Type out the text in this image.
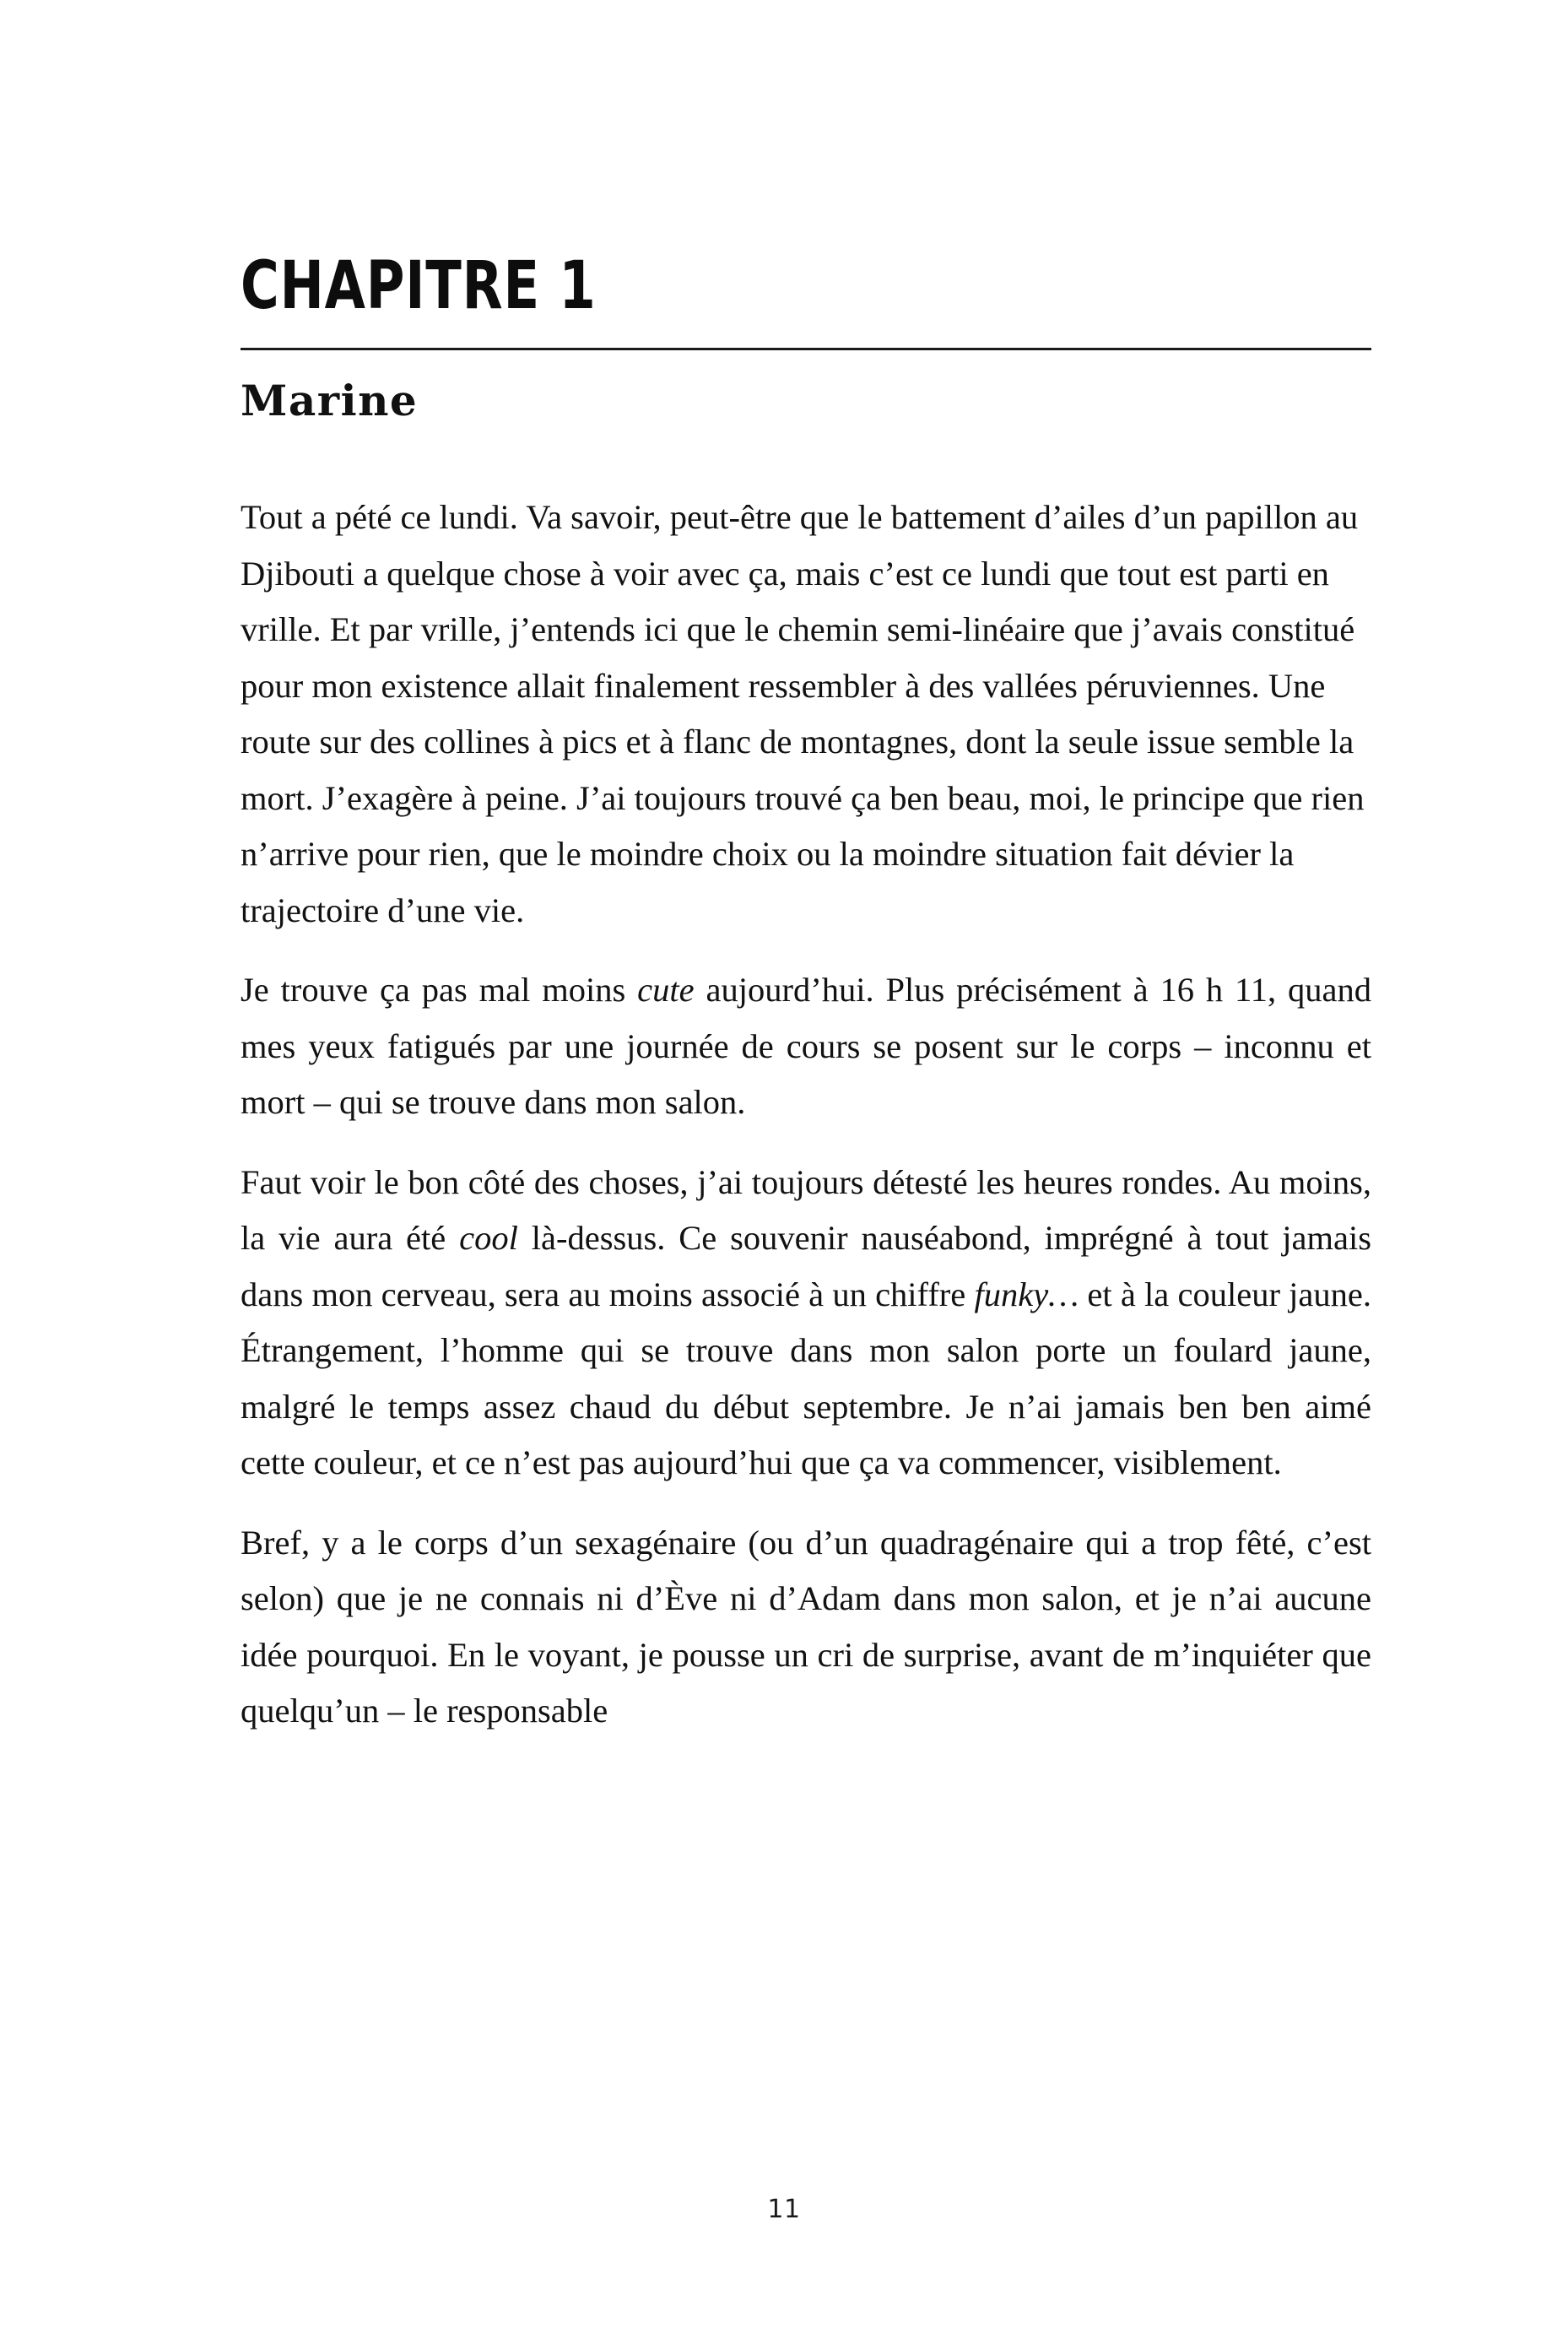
CHAPITRE 1
Marine

Tout a pété ce lundi. Va savoir, peut-être que le battement d’ailes d’un papillon au Djibouti a quelque chose à voir avec ça, mais c’est ce lundi que tout est parti en vrille. Et par vrille, j’entends ici que le chemin semi-linéaire que j’avais constitué pour mon existence allait finalement ressembler à des vallées péruviennes. Une route sur des collines à pics et à flanc de montagnes, dont la seule issue semble la mort. J’exagère à peine. J’ai toujours trouvé ça ben beau, moi, le principe que rien n’arrive pour rien, que le moindre choix ou la moindre situation fait dévier la trajectoire d’une vie.

Je trouve ça pas mal moins cute aujourd’hui. Plus précisément à 16 h 11, quand mes yeux fatigués par une journée de cours se posent sur le corps – inconnu et mort – qui se trouve dans mon salon.

Faut voir le bon côté des choses, j’ai toujours détesté les heures rondes. Au moins, la vie aura été cool là-dessus. Ce souvenir nauséabond, imprégné à tout jamais dans mon cerveau, sera au moins associé à un chiffre funky… et à la couleur jaune. Étrangement, l’homme qui se trouve dans mon salon porte un foulard jaune, malgré le temps assez chaud du début septembre. Je n’ai jamais ben ben aimé cette couleur, et ce n’est pas aujourd’hui que ça va commencer, visiblement.

Bref, y a le corps d’un sexagénaire (ou d’un quadragénaire qui a trop fêté, c’est selon) que je ne connais ni d’Ève ni d’Adam dans mon salon, et je n’ai aucune idée pourquoi. En le voyant, je pousse un cri de surprise, avant de m’inquiéter que quelqu’un – le responsable

11
